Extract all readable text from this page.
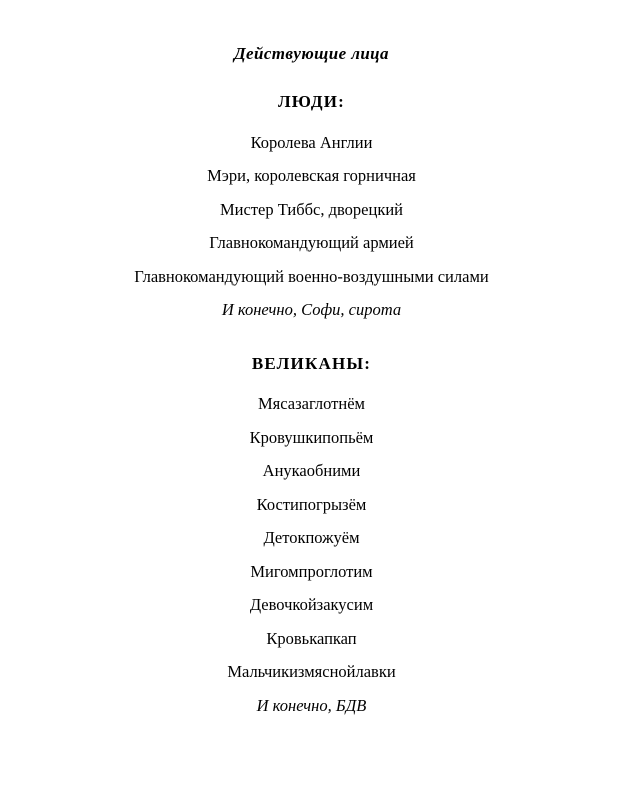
Действующие лица
ЛЮДИ:
Королева Англии
Мэри, королевская горничная
Мистер Тиббс, дворецкий
Главнокомандующий армией
Главнокомандующий военно-воздушными силами
И конечно, Софи, сирота
ВЕЛИКАНЫ:
Мясазаглотнём
Кровушкипопьём
Анукаобними
Костипогрызём
Детокпожуём
Мигомпроглотим
Девочкойзакусим
Кровькапкап
Мальчикизмяснойлавки
И конечно, БДВ
